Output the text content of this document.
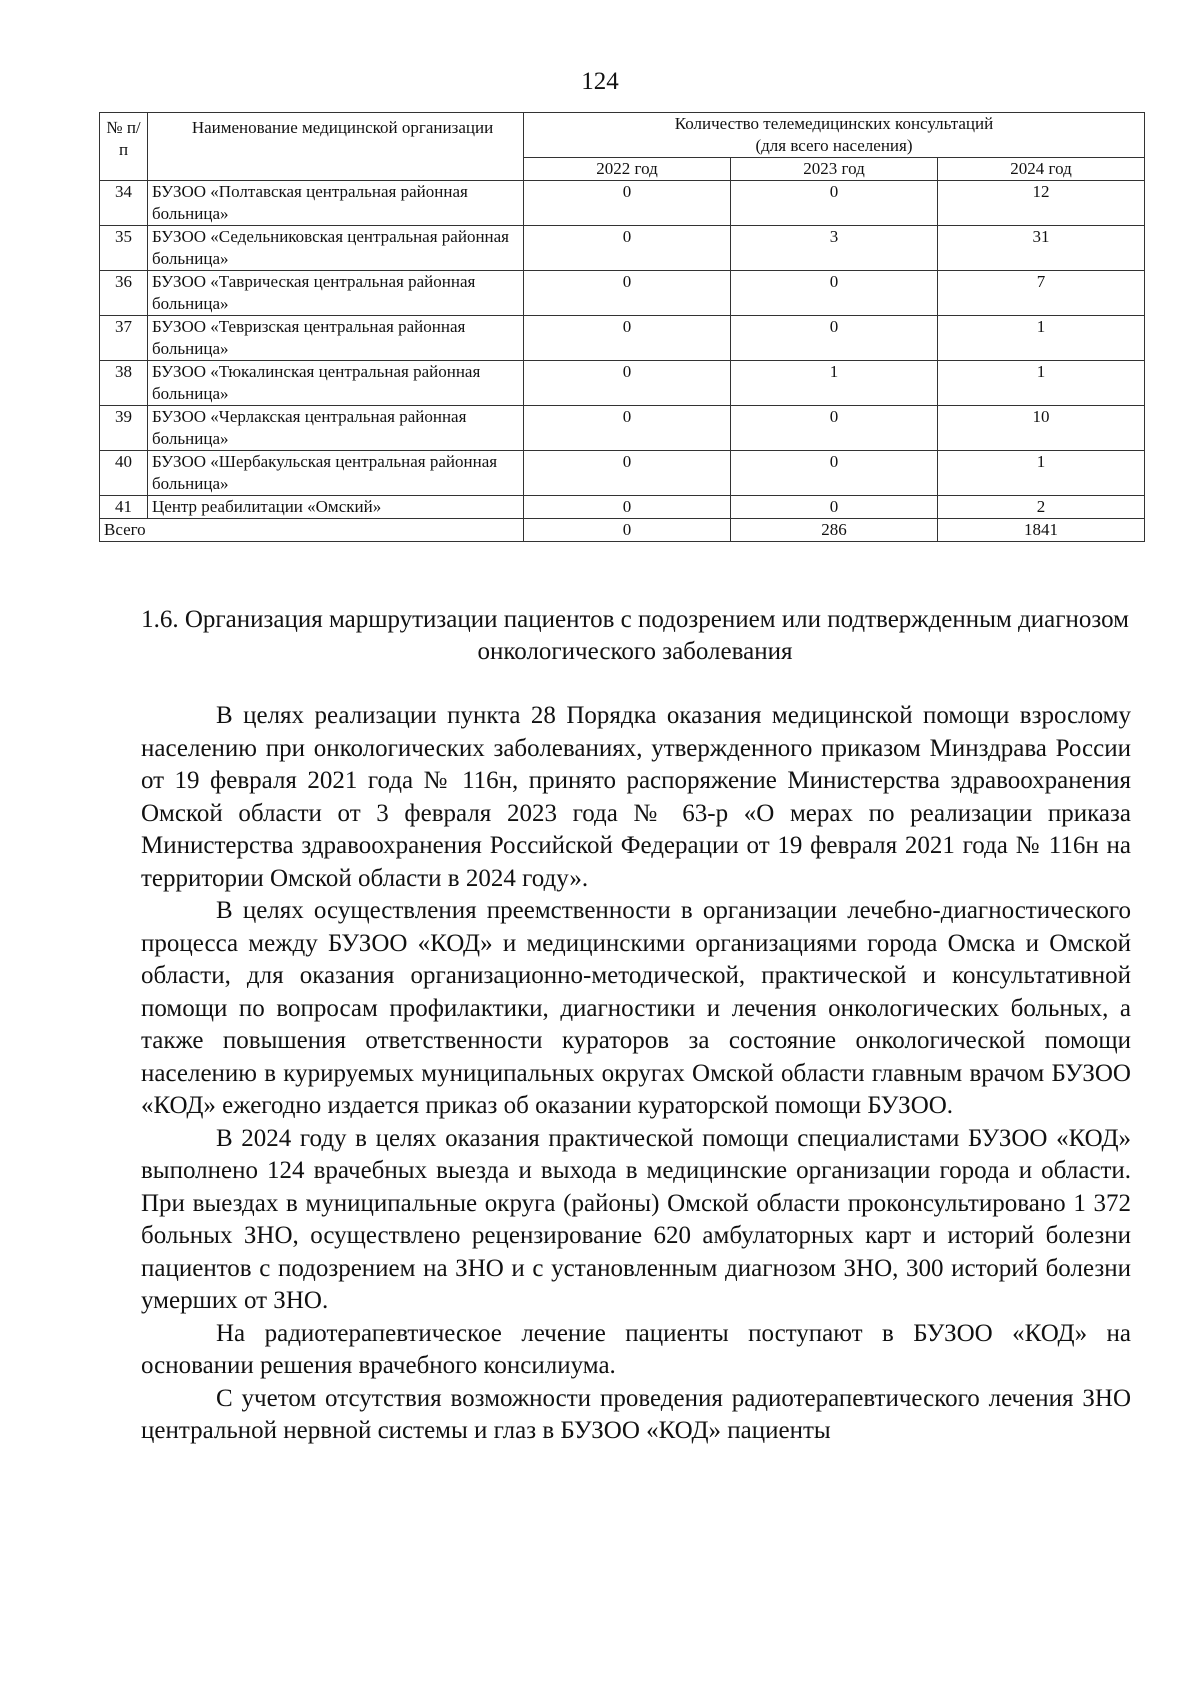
124
№ п/п	Наименование медицинской организации	Количество телемедицинских консультаций
(для всего населения)		

		2022 год	2023 год	2024 год
34	БУЗОО «Полтавская центральная районная больница»	0	0	12
35	БУЗОО «Седельниковская центральная районная больница»	0	3	31
36	БУЗОО «Таврическая центральная районная больница»	0	0	7
37	БУЗОО «Тевризская центральная районная больница»	0	0	1
38	БУЗОО «Тюкалинская центральная районная больница»	0	1	1
39	БУЗОО «Черлакская центральная районная больница»	0	0	10
40	БУЗОО «Шербакульская центральная районная больница»	0	0	1
41	Центр реабилитации «Омский»	0	0	2
Всего		0	286	1841
1.6. Организация маршрутизации пациентов с подозрением или подтвержденным диагнозом онкологического заболевания

В целях реализации пункта 28 Порядка оказания медицинской помощи взрослому населению при онкологических заболеваниях, утвержденного приказом Минздрава России от 19 февраля 2021 года № 116н, принято распоряжение Министерства здравоохранения Омской области от 3 февраля 2023 года № 63-р «О мерах по реализации приказа Министерства здравоохранения Российской Федерации от 19 февраля 2021 года № 116н на территории Омской области в 2024 году».

В целях осуществления преемственности в организации лечебно-диагностического процесса между БУЗОО «КОД» и медицинскими организациями города Омска и Омской области, для оказания организационно-методической, практической и консультативной помощи по вопросам профилактики, диагностики и лечения онкологических больных, а также повышения ответственности кураторов за состояние онкологической помощи населению в курируемых муниципальных округах Омской области главным врачом БУЗОО «КОД» ежегодно издается приказ об оказании кураторской помощи БУЗОО.

В 2024 году в целях оказания практической помощи специалистами БУЗОО «КОД» выполнено 124 врачебных выезда и выхода в медицинские организации города и области. При выездах в муниципальные округа (районы) Омской области проконсультировано 1 372 больных ЗНО, осуществлено рецензирование 620 амбулаторных карт и историй болезни пациентов с подозрением на ЗНО и с установленным диагнозом ЗНО, 300 историй болезни умерших от ЗНО.

На радиотерапевтическое лечение пациенты поступают в БУЗОО «КОД» на основании решения врачебного консилиума.

С учетом отсутствия возможности проведения радиотерапевтического лечения ЗНО центральной нервной системы и глаз в БУЗОО «КОД» пациенты
